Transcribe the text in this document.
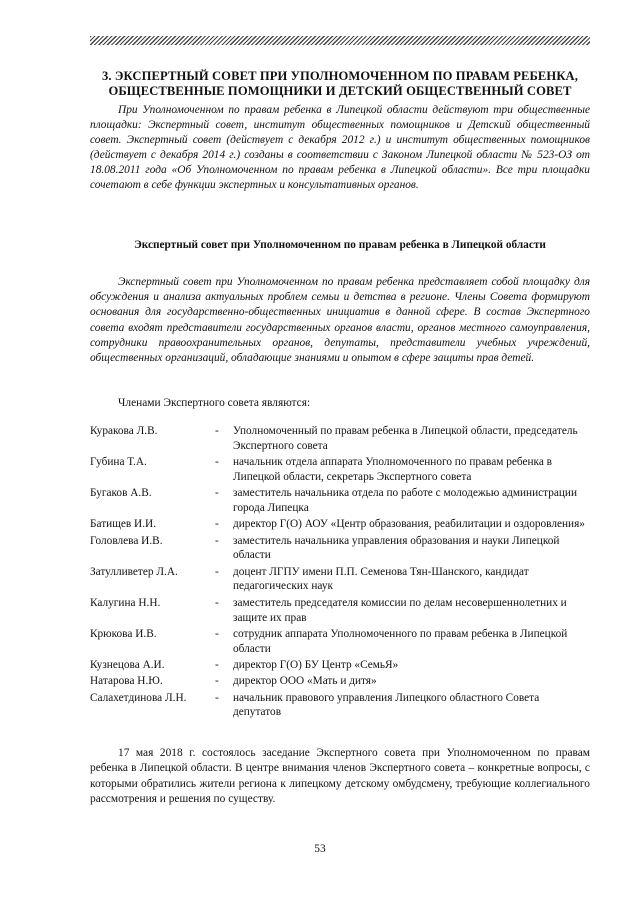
3. ЭКСПЕРТНЫЙ СОВЕТ ПРИ УПОЛНОМОЧЕННОМ ПО ПРАВАМ РЕБЕНКА,
ОБЩЕСТВЕННЫЕ ПОМОЩНИКИ И ДЕТСКИЙ ОБЩЕСТВЕННЫЙ СОВЕТ

При Уполномоченном по правам ребенка в Липецкой области действуют три общественные площадки: Экспертный совет, институт общественных помощников и Детский общественный совет. Экспертный совет (действует с декабря 2012 г.) и институт общественных помощников (действует с декабря 2014 г.) созданы в соответствии с Законом Липецкой области № 523-ОЗ от 18.08.2011 года «Об Уполномоченном по правам ребенка в Липецкой области». Все три площадки сочетают в себе функции экспертных и консультативных органов.

Экспертный совет при Уполномоченном по правам ребенка в Липецкой области

Экспертный совет при Уполномоченном по правам ребенка представляет собой площадку для обсуждения и анализа актуальных проблем семьи и детства в регионе. Члены Совета формируют основания для государственно-общественных инициатив в данной сфере. В состав Экспертного совета входят представители государственных органов власти, органов местного самоуправления, сотрудники правоохранительных органов, депутаты, представители учебных учреждений, общественных организаций, обладающие знаниями и опытом в сфере защиты прав детей.

Членами Экспертного совета являются:
Куракова Л.В.	- Уполномоченный по правам ребенка в Липецкой области, председатель Экспертного совета
Губина Т.А.	- начальник отдела аппарата Уполномоченного по правам ребенка в Липецкой области, секретарь Экспертного совета
Бугаков А.В.	- заместитель начальника отдела по работе с молодежью администрации города Липецка
Батищев И.И.	- директор Г(О) АОУ «Центр образования, реабилитации и оздоровления»
Головлева И.В.	- заместитель начальника управления образования и науки Липецкой области
Затулливетер Л.А.	- доцент ЛГПУ имени П.П. Семенова Тян-Шанского, кандидат педагогических наук
Калугина Н.Н.	- заместитель председателя комиссии по делам несовершеннолетних и защите их прав
Крюкова И.В.	- сотрудник аппарата Уполномоченного по правам ребенка в Липецкой области
Кузнецова А.И.	- директор Г(О) БУ Центр «СемьЯ»
Натарова Н.Ю.	- директор ООО «Мать и дитя»
Салахетдинова Л.Н.	- начальник правового управления Липецкого областного Совета депутатов

17 мая 2018 г. состоялось заседание Экспертного совета при Уполномоченном по правам ребенка в Липецкой области. В центре внимания членов Экспертного совета – конкретные вопросы, с которыми обратились жители региона к липецкому детскому омбудсмену, требующие коллегиального рассмотрения и решения по существу.

53
